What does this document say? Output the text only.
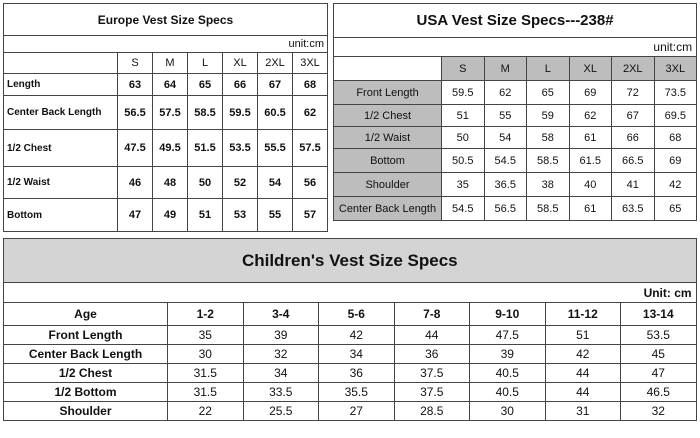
Europe Vest Size Specs						
unit:cm						
	S	M	L	XL	2XL	3XL
Length	63	64	65	66	67	68
Center Back Length	56.5	57.5	58.5	59.5	60.5	62
1/2 Chest	47.5	49.5	51.5	53.5	55.5	57.5
1/2 Waist	46	48	50	52	54	56
Bottom	47	49	51	53	55	57
USA Vest Size Specs---238#						
unit:cm						
	S	M	L	XL	2XL	3XL
Front Length	59.5	62	65	69	72	73.5
1/2 Chest	51	55	59	62	67	69.5
1/2 Waist	50	54	58	61	66	68
Bottom	50.5	54.5	58.5	61.5	66.5	69
Shoulder	35	36.5	38	40	41	42
Center Back Length	54.5	56.5	58.5	61	63.5	65
Children's Vest Size Specs							
Unit: cm							
Age	1-2	3-4	5-6	7-8	9-10	11-12	13-14
Front Length	35	39	42	44	47.5	51	53.5
Center Back Length	30	32	34	36	39	42	45
1/2 Chest	31.5	34	36	37.5	40.5	44	47
1/2 Bottom	31.5	33.5	35.5	37.5	40.5	44	46.5
Shoulder	22	25.5	27	28.5	30	31	32
